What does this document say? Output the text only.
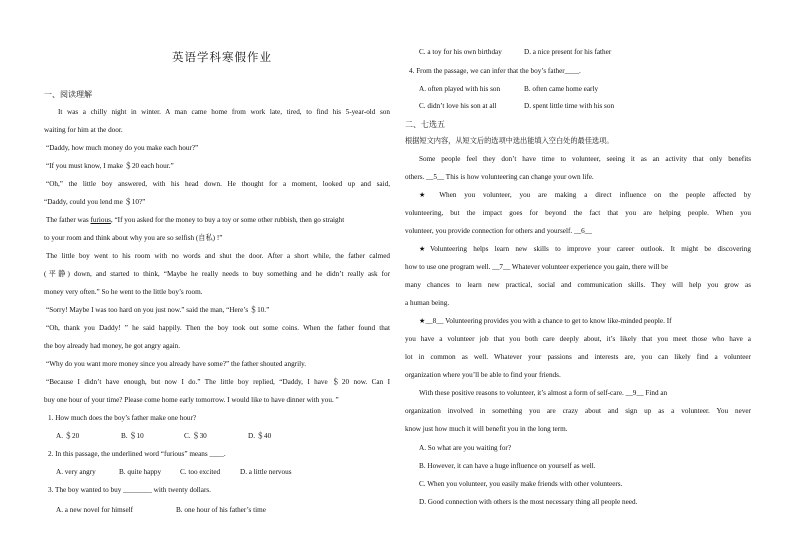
英语学科寒假作业
一、阅读理解
It was a chilly night in winter. A man came home from work late, tired, to find his 5-year-old son
waiting for him at the door.
“Daddy, how much money do you make each hour?”
“If you must know, I make ＄20 each hour.”
“Oh,” the little boy answered, with his head down. He thought for a moment, looked up and said,
“Daddy, could you lend me ＄10?”
The father was furious, “If you asked for the money to buy a toy or some other rubbish, then go straight
to your room and think about why you are so selfish (自私) !”
The little boy went to his room with no words and shut the door. After a short while, the father calmed
(平静) down, and started to think, “Maybe he really needs to buy something and he didn’t really ask for
money very often.” So he went to the little boy’s room.
“Sorry! Maybe I was too hard on you just now.” said the man, “Here’s ＄10.”
“Oh, thank you Daddy! ” he said happily. Then the boy took out some coins. When the father found that
the boy already had money, he got angry again.
“Why do you want more money since you already have some?” the father shouted angrily.
“Because I didn’t have enough, but now I do.” The little boy replied, “Daddy, I have ＄20 now. Can I
buy one hour of your time? Please come home early tomorrow. I would like to have dinner with you. ”
1. How much does the boy’s father make one hour?
A. ＄20	B. ＄10	C. ＄30	D. ＄40
2. In this passage, the underlined word “furious” means ____.
A. very angry	B. quite happy	C. too excited	D. a little nervous
3. The boy wanted to buy ________ with twenty dollars.
A. a new novel for himself	B. one hour of his father’s time
C. a toy for his own birthday	D. a nice present for his father
4. From the passage, we can infer that the boy’s father____.
A. often played with his son	B. often came home early
C. didn’t love his son at all	D. spent little time with his son
二、七选五
根据短文内容，从短文后的选项中选出能填入空白处的最佳选项。
Some people feel they don’t have time to volunteer, seeing it as an activity that only benefits
others. __5__ This is how volunteering can change your own life.
★ When you volunteer, you are making a direct influence on the people affected by
volunteering, but the impact goes for beyond the fact that you are helping people. When you
volunteer, you provide connection for others and yourself. __6__
★Volunteering helps learn new skills to improve your career outlook. It might be discovering
how to use one program well. __7__ Whatever volunteer experience you gain, there will be
many chances to learn new practical, social and communication skills. They will help you grow as
a human being.
★__8__ Volunteering provides you with a chance to get to know like-minded people. If
you have a volunteer job that you both care deeply about, it’s likely that you meet those who have a
lot in common as well. Whatever your passions and interests are, you can likely find a volunteer
organization where you’ll be able to find your friends.
With these positive reasons to volunteer, it’s almost a form of self-care. __9__ Find an
organization involved in something you are crazy about and sign up as a volunteer. You never
know just how much it will benefit you in the long term.
A. So what are you waiting for?
B. However, it can have a huge influence on yourself as well.
C. When you volunteer, you easily make friends with other volunteers.
D. Good connection with others is the most necessary thing all people need.
